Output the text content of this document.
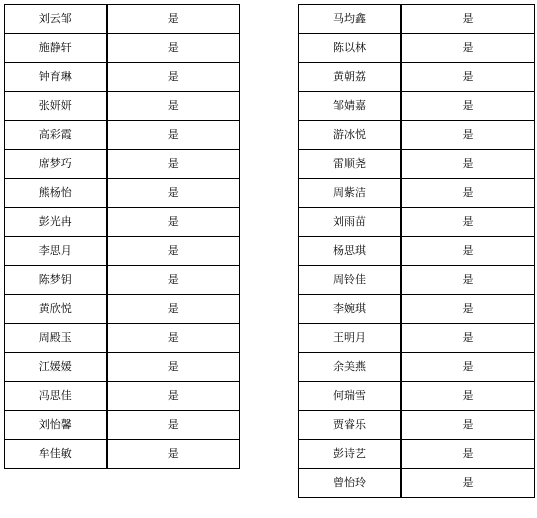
刘云邹	是
施静轩	是
钟育琳	是
张妍妍	是
高彩霞	是
席梦巧	是
熊杨怡	是
彭光冉	是
李思月	是
陈梦钥	是
黄欣悦	是
周殿玉	是
江媛媛	是
冯思佳	是
刘怡馨	是
牟佳敏	是
马均鑫	是
陈以林	是
黄朝荔	是
邹婧嘉	是
游冰悦	是
雷顺尧	是
周紫洁	是
刘雨苗	是
杨思琪	是
周铃佳	是
李婉琪	是
王明月	是
余美燕	是
何瑞雪	是
贾睿乐	是
彭诗艺	是
曾怡玲	是
